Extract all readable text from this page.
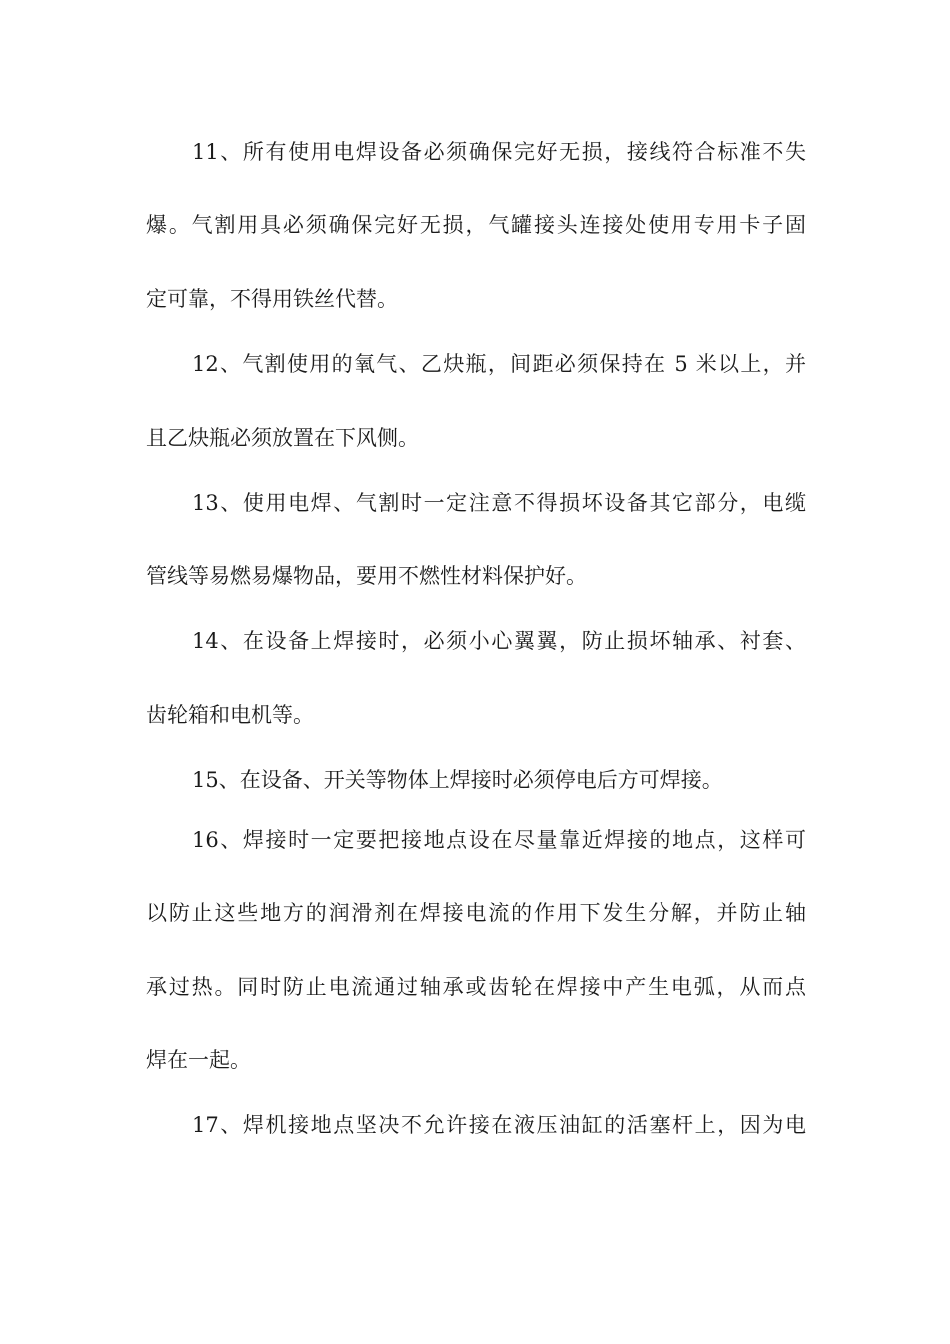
11、所有使用电焊设备必须确保完好无损，接线符合标准不失
爆。气割用具必须确保完好无损，气罐接头连接处使用专用卡子固
定可靠，不得用铁丝代替。
12、气割使用的氧气、乙炔瓶，间距必须保持在 5 米以上，并
且乙炔瓶必须放置在下风侧。
13、使用电焊、气割时一定注意不得损坏设备其它部分，电缆
管线等易燃易爆物品，要用不燃性材料保护好。
14、在设备上焊接时，必须小心翼翼，防止损坏轴承、衬套、
齿轮箱和电机等。
15、在设备、开关等物体上焊接时必须停电后方可焊接。
16、焊接时一定要把接地点设在尽量靠近焊接的地点，这样可
以防止这些地方的润滑剂在焊接电流的作用下发生分解，并防止轴
承过热。同时防止电流通过轴承或齿轮在焊接中产生电弧，从而点
焊在一起。
17、焊机接地点坚决不允许接在液压油缸的活塞杆上，因为电
